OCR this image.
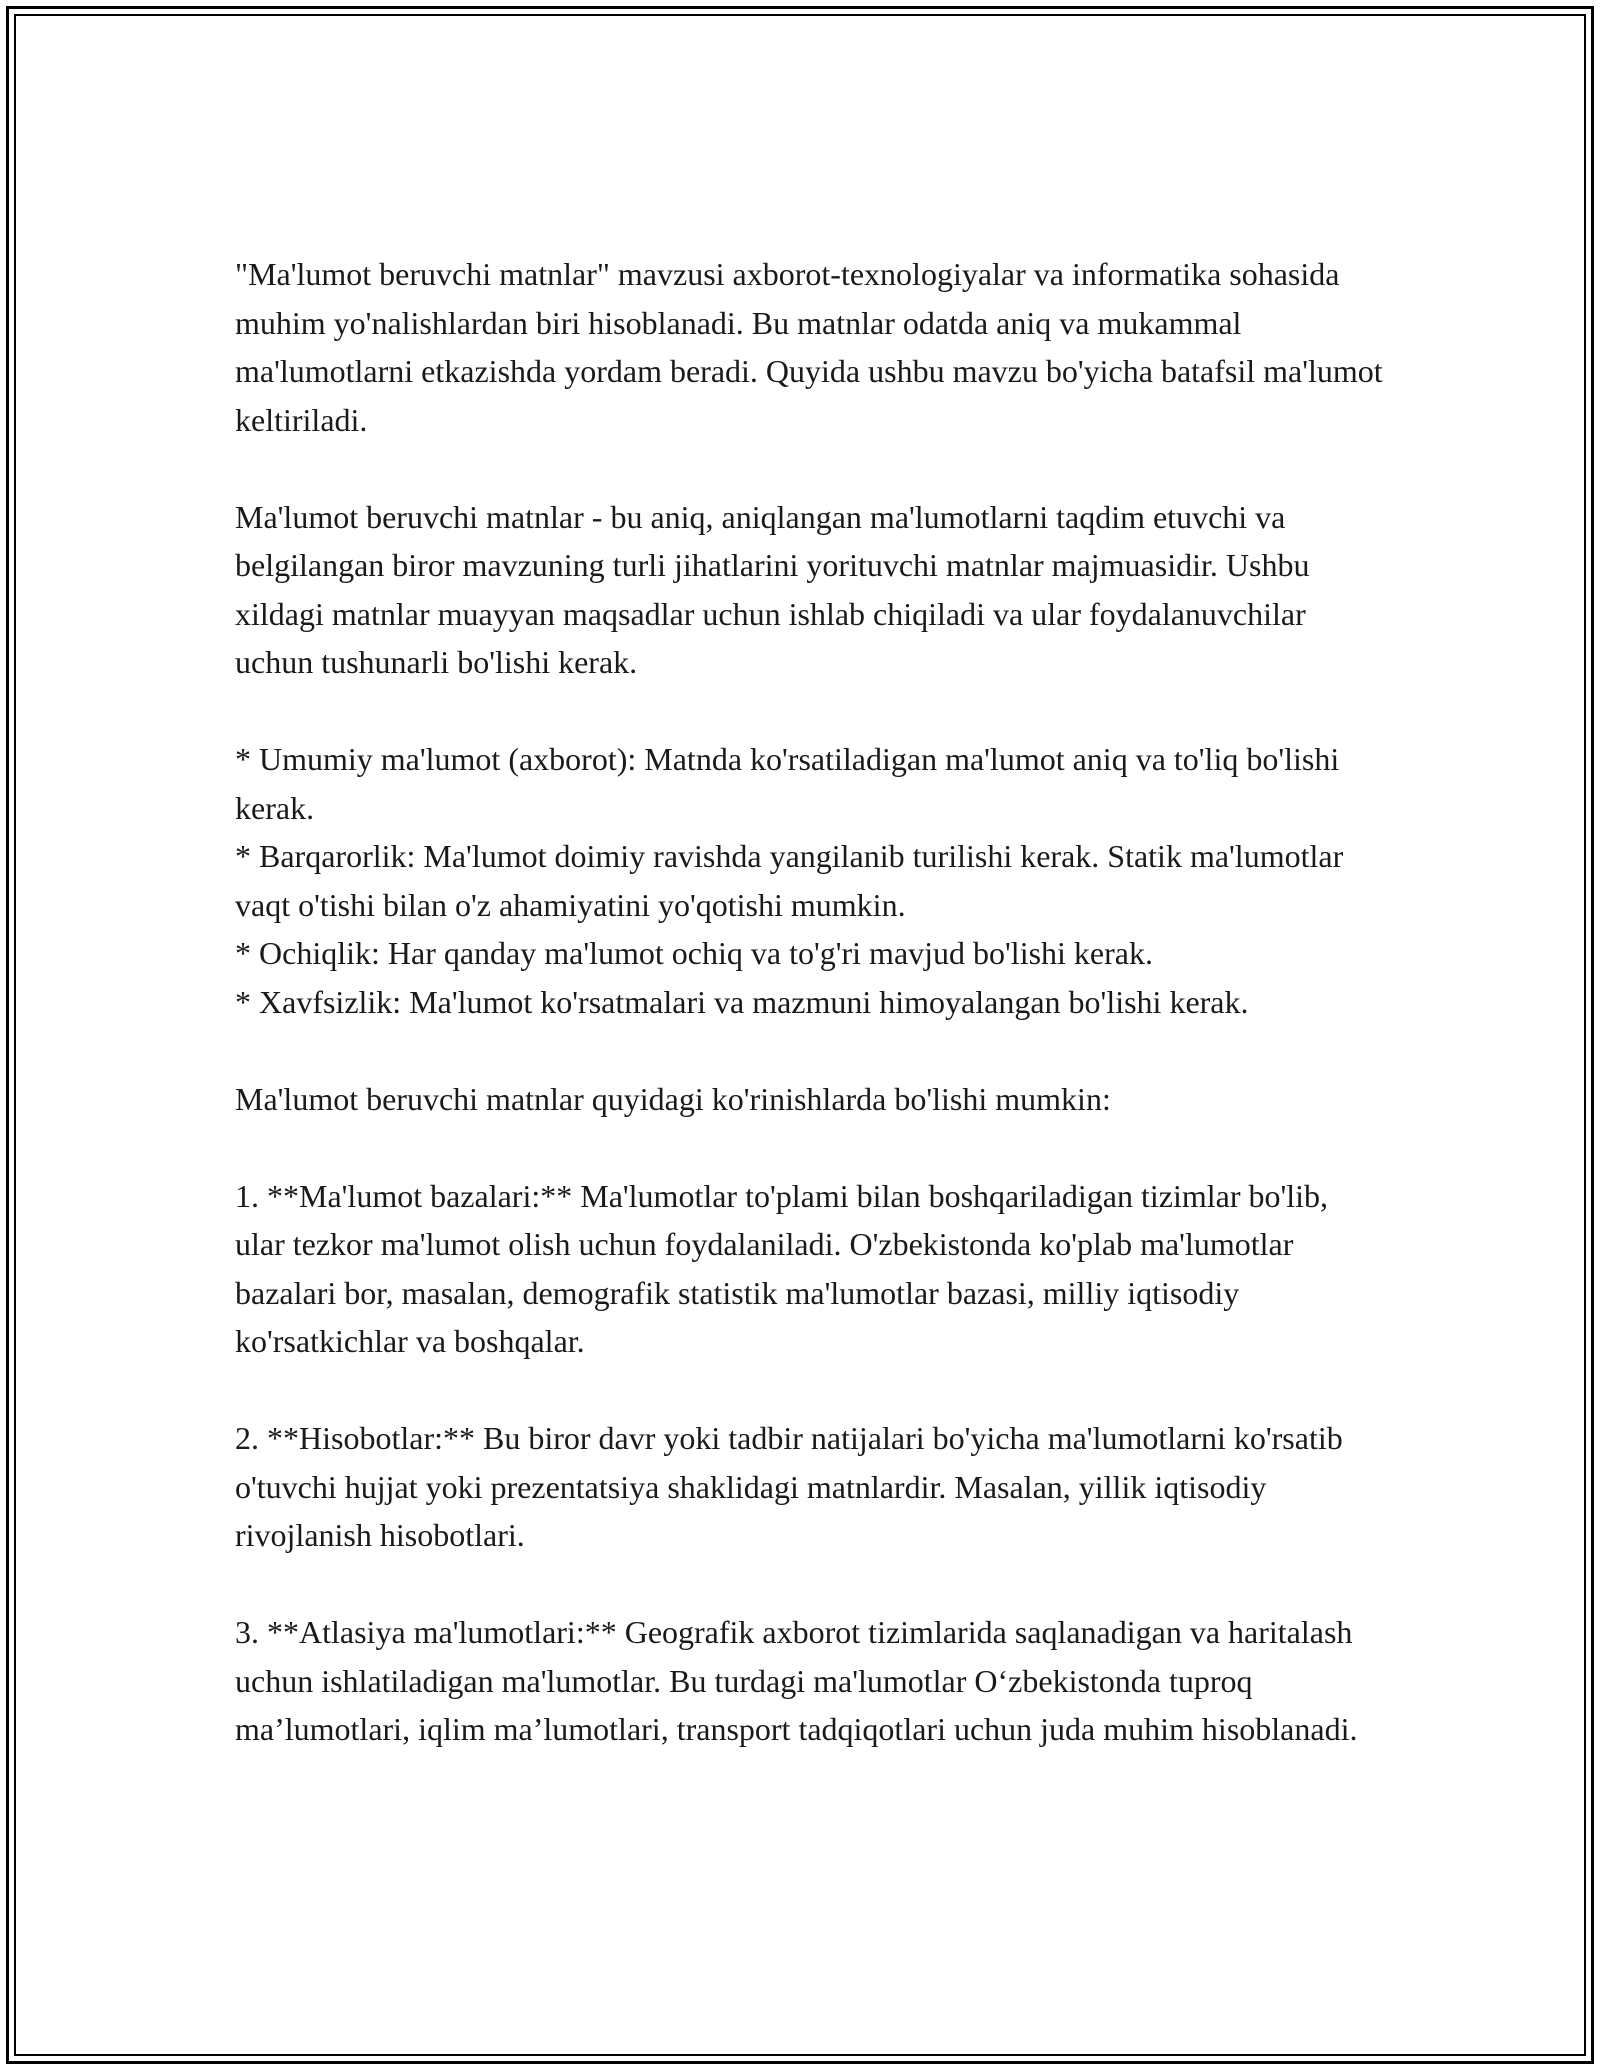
"Ma'lumot beruvchi matnlar" mavzusi axborot-texnologiyalar va informatika sohasida muhim yo'nalishlardan biri hisoblanadi. Bu matnlar odatda aniq va mukammal ma'lumotlarni etkazishda yordam beradi. Quyida ushbu mavzu bo'yicha batafsil ma'lumot keltiriladi.

Ma'lumot beruvchi matnlar - bu aniq, aniqlangan ma'lumotlarni taqdim etuvchi va belgilangan biror mavzuning turli jihatlarini yorituvchi matnlar majmuasidir. Ushbu xildagi matnlar muayyan maqsadlar uchun ishlab chiqiladi va ular foydalanuvchilar uchun tushunarli bo'lishi kerak.

* Umumiy ma'lumot (axborot): Matnda ko'rsatiladigan ma'lumot aniq va to'liq bo'lishi kerak.

* Barqarorlik: Ma'lumot doimiy ravishda yangilanib turilishi kerak. Statik ma'lumotlar vaqt o'tishi bilan o'z ahamiyatini yo'qotishi mumkin.

* Ochiqlik: Har qanday ma'lumot ochiq va to'g'ri mavjud bo'lishi kerak.

* Xavfsizlik: Ma'lumot ko'rsatmalari va mazmuni himoyalangan bo'lishi kerak.

Ma'lumot beruvchi matnlar quyidagi ko'rinishlarda bo'lishi mumkin:

1. **Ma'lumot bazalari:** Ma'lumotlar to'plami bilan boshqariladigan tizimlar bo'lib, ular tezkor ma'lumot olish uchun foydalaniladi. O'zbekistonda ko'plab ma'lumotlar bazalari bor, masalan, demografik statistik ma'lumotlar bazasi, milliy iqtisodiy ko'rsatkichlar va boshqalar.

2. **Hisobotlar:** Bu biror davr yoki tadbir natijalari bo'yicha ma'lumotlarni ko'rsatib o'tuvchi hujjat yoki prezentatsiya shaklidagi matnlardir. Masalan, yillik iqtisodiy rivojlanish hisobotlari.

3. **Atlasiya ma'lumotlari:** Geografik axborot tizimlarida saqlanadigan va haritalash uchun ishlatiladigan ma'lumotlar. Bu turdagi ma'lumotlar O‘zbekistonda tuproq ma’lumotlari, iqlim ma’lumotlari, transport tadqiqotlari uchun juda muhim hisoblanadi.
